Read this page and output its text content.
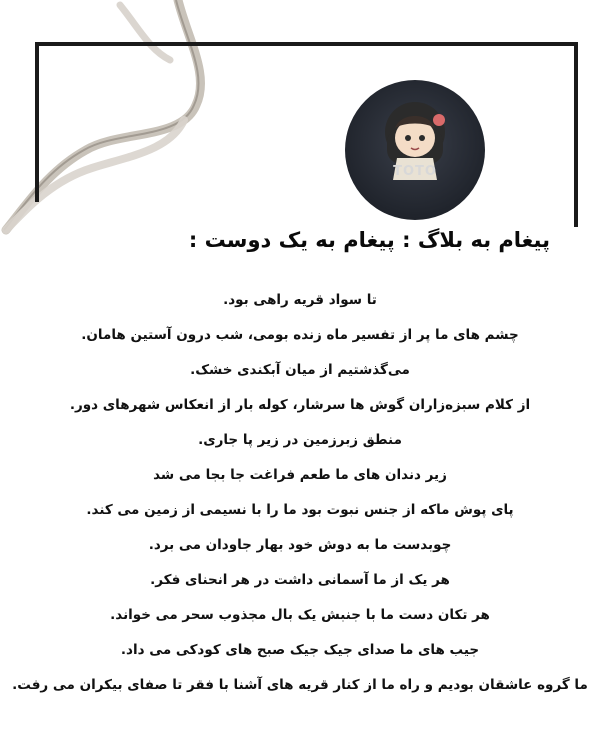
TOTO
پیغام به بلاگ : پیغام به یک دوست :
تا سواد قریه راهی بود.
چشم های ما پر از تفسیر ماه زنده بومی، شب درون آستین هامان.
می‌گذشتیم از میان آبکندی خشک.
از کلام سبزه‌زاران گوش ها سرشار، کوله بار از انعکاس شهرهای دور.
منطق زبرزمین در زیر پا جاری.
زیر دندان های ما طعم فراغت جا بجا می شد
پای پوش ماکه از جنس نبوت بود ما را با نسیمی از زمین می کند.
چوبدست ما به دوش خود بهار جاودان می برد.
هر یک از ما آسمانی داشت در هر انحنای فکر.
هر تکان دست ما با جنبش یک بال مجذوب سحر می خواند.
جیب های ما صدای جیک جیک صبح های کودکی می داد.
ما گروه عاشقان بودیم و راه ما از کنار قریه های آشنا با فقر تا صفای بیکران می رفت.
